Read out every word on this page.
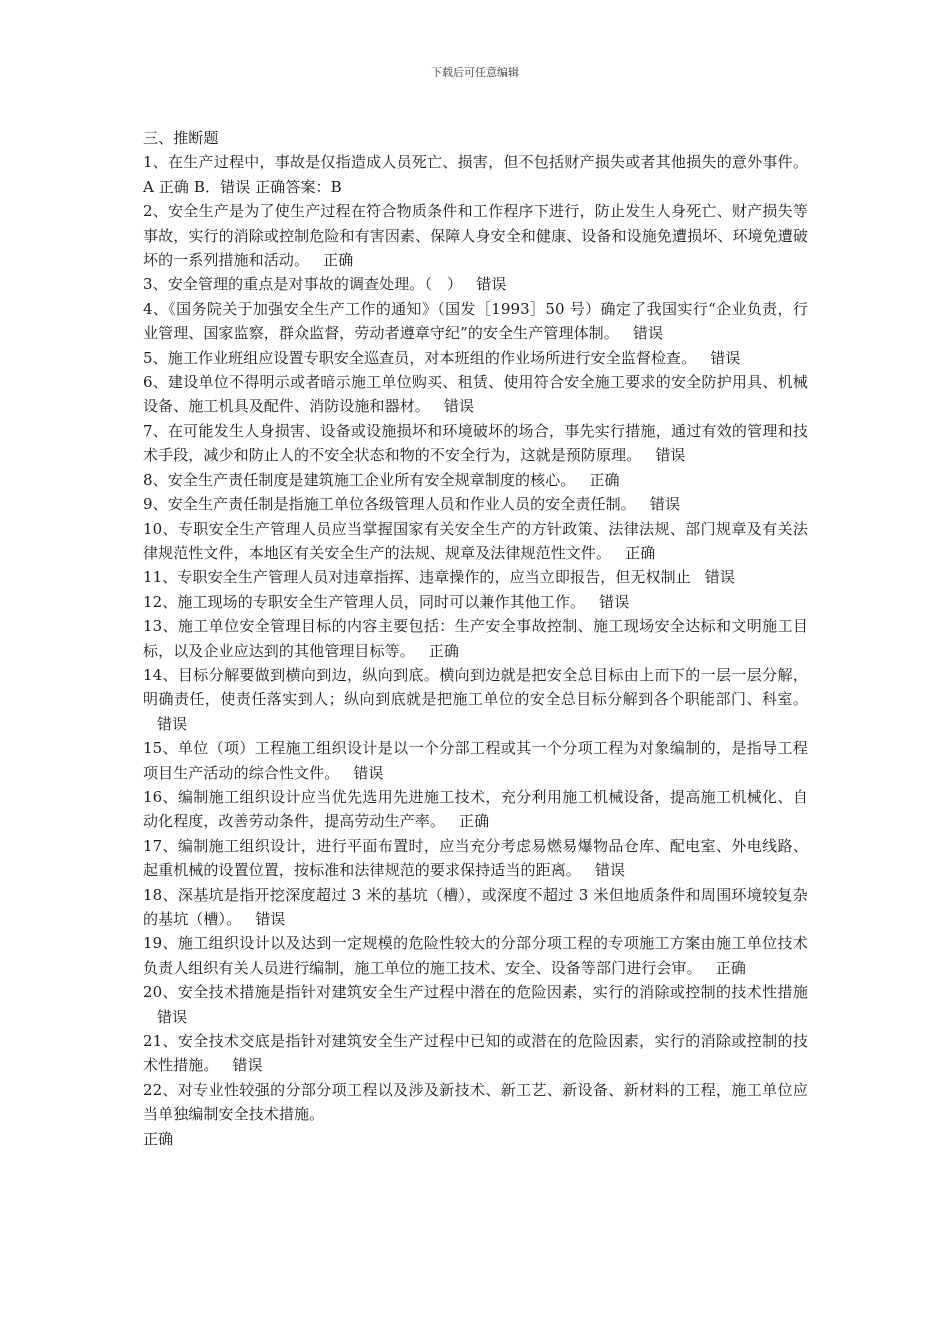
下载后可任意编辑

三、推断题

1、在生产过程中，事故是仅指造成人员死亡、损害，但不包括财产损失或者其他损失的意外事件。A 正确 B．错误 正确答案：B

2、安全生产是为了使生产过程在符合物质条件和工作程序下进行，防止发生人身死亡、财产损失等事故，实行的消除或控制危险和有害因素、保障人身安全和健康、设备和设施免遭损坏、环境免遭破坏的一系列措施和活动。 正确

3、安全管理的重点是对事故的调查处理。（　） 错误

4、《国务院关于加强安全生产工作的通知》（国发［1993］50 号）确定了我国实行“企业负责，行业管理、国家监察，群众监督，劳动者遵章守纪”的安全生产管理体制。 错误

5、施工作业班组应设置专职安全巡查员，对本班组的作业场所进行安全监督检查。 错误

6、建设单位不得明示或者暗示施工单位购买、租赁、使用符合安全施工要求的安全防护用具、机械设备、施工机具及配件、消防设施和器材。 错误

7、在可能发生人身损害、设备或设施损坏和环境破坏的场合，事先实行措施，通过有效的管理和技术手段，减少和防止人的不安全状态和物的不安全行为，这就是预防原理。 错误

8、安全生产责任制度是建筑施工企业所有安全规章制度的核心。 正确

9、安全生产责任制是指施工单位各级管理人员和作业人员的安全责任制。 错误

10、专职安全生产管理人员应当掌握国家有关安全生产的方针政策、法律法规、部门规章及有关法律规范性文件，本地区有关安全生产的法规、规章及法律规范性文件。 正确

11、专职安全生产管理人员对违章指挥、违章操作的，应当立即报告，但无权制止 错误

12、施工现场的专职安全生产管理人员，同时可以兼作其他工作。 错误

13、施工单位安全管理目标的内容主要包括：生产安全事故控制、施工现场安全达标和文明施工目标，以及企业应达到的其他管理目标等。 正确

14、目标分解要做到横向到边，纵向到底。横向到边就是把安全总目标由上而下的一层一层分解，明确责任，使责任落实到人；纵向到底就是把施工单位的安全总目标分解到各个职能部门、科室。错误

15、单位（项）工程施工组织设计是以一个分部工程或其一个分项工程为对象编制的，是指导工程项目生产活动的综合性文件。 错误

16、编制施工组织设计应当优先选用先进施工技术，充分利用施工机械设备，提高施工机械化、自动化程度，改善劳动条件，提高劳动生产率。 正确

17、编制施工组织设计，进行平面布置时，应当充分考虑易燃易爆物品仓库、配电室、外电线路、起重机械的设置位置，按标准和法律规范的要求保持适当的距离。 错误

18、深基坑是指开挖深度超过 3 米的基坑（槽），或深度不超过 3 米但地质条件和周围环境较复杂的基坑（槽）。 错误

19、施工组织设计以及达到一定规模的危险性较大的分部分项工程的专项施工方案由施工单位技术负责人组织有关人员进行编制，施工单位的施工技术、安全、设备等部门进行会审。 正确

20、安全技术措施是指针对建筑安全生产过程中潜在的危险因素，实行的消除或控制的技术性措施错误

21、安全技术交底是指针对建筑安全生产过程中已知的或潜在的危险因素，实行的消除或控制的技术性措施。 错误

22、对专业性较强的分部分项工程以及涉及新技术、新工艺、新设备、新材料的工程，施工单位应当单独编制安全技术措施。
正确
